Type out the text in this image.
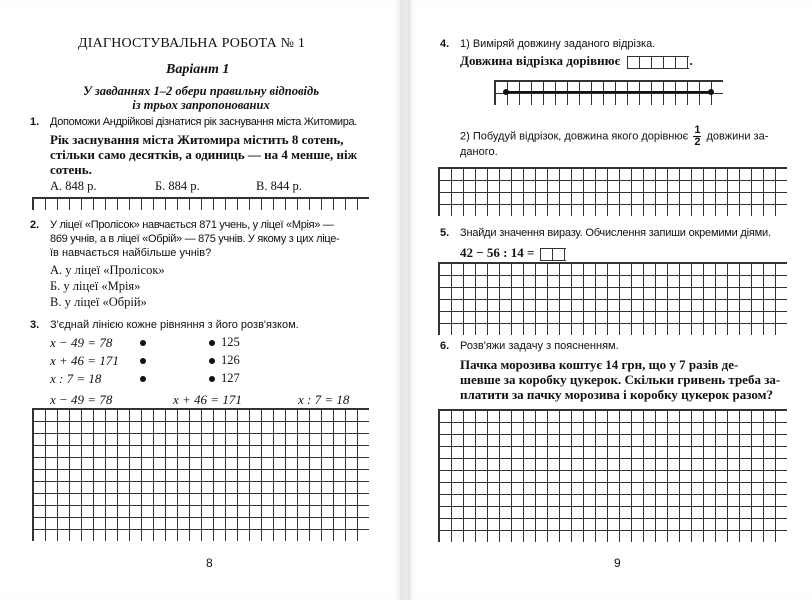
ДІАГНОСТУВАЛЬНА РОБОТА № 1
Варіант 1
У завданнях 1–2 обери правильну відповідь
із трьох запропонованих
1. Допоможи Андрійкові дізнатися рік заснування міста Житомира.
Рік заснування міста Житомира містить 8 сотень,
стільки само десятків, а одиниць — на 4 менше, ніж
сотень.
А. 848 р.	Б. 884 р.	В. 844 р.
2. У ліцеї «Пролісок» навчається 871 учень, у ліцеї «Мрія» —
869 учнів, а в ліцеї «Обрій» — 875 учнів. У якому з цих ліце-
їв навчається найбільше учнів?
А. у ліцеї «Пролісок»
Б. у ліцеї «Мрія»
В. у ліцеї «Обрій»
3. З'єднай лінією кожне рівняння з його розв'язком.
x − 49 = 78
x + 46 = 171
x : 7 = 18
125
126
127
x − 49 = 78	x + 46 = 171	x : 7 = 18
8
4. 1) Виміряй довжину заданого відрізка.
Довжина відрізка дорівнює	.
2) Побудуй відрізок, довжина якого дорівнює $\frac{1}{2}$ довжини за-
даного.
5. Знайди значення виразу. Обчислення запиши окремими діями.
42 − 56 : 14 =
6. Розв'яжи задачу з поясненням.
Пачка морозива коштує 14 грн, що у 7 разів де-
шевше за коробку цукерок. Скільки гривень треба за-
платити за пачку морозива і коробку цукерок разом?
9
